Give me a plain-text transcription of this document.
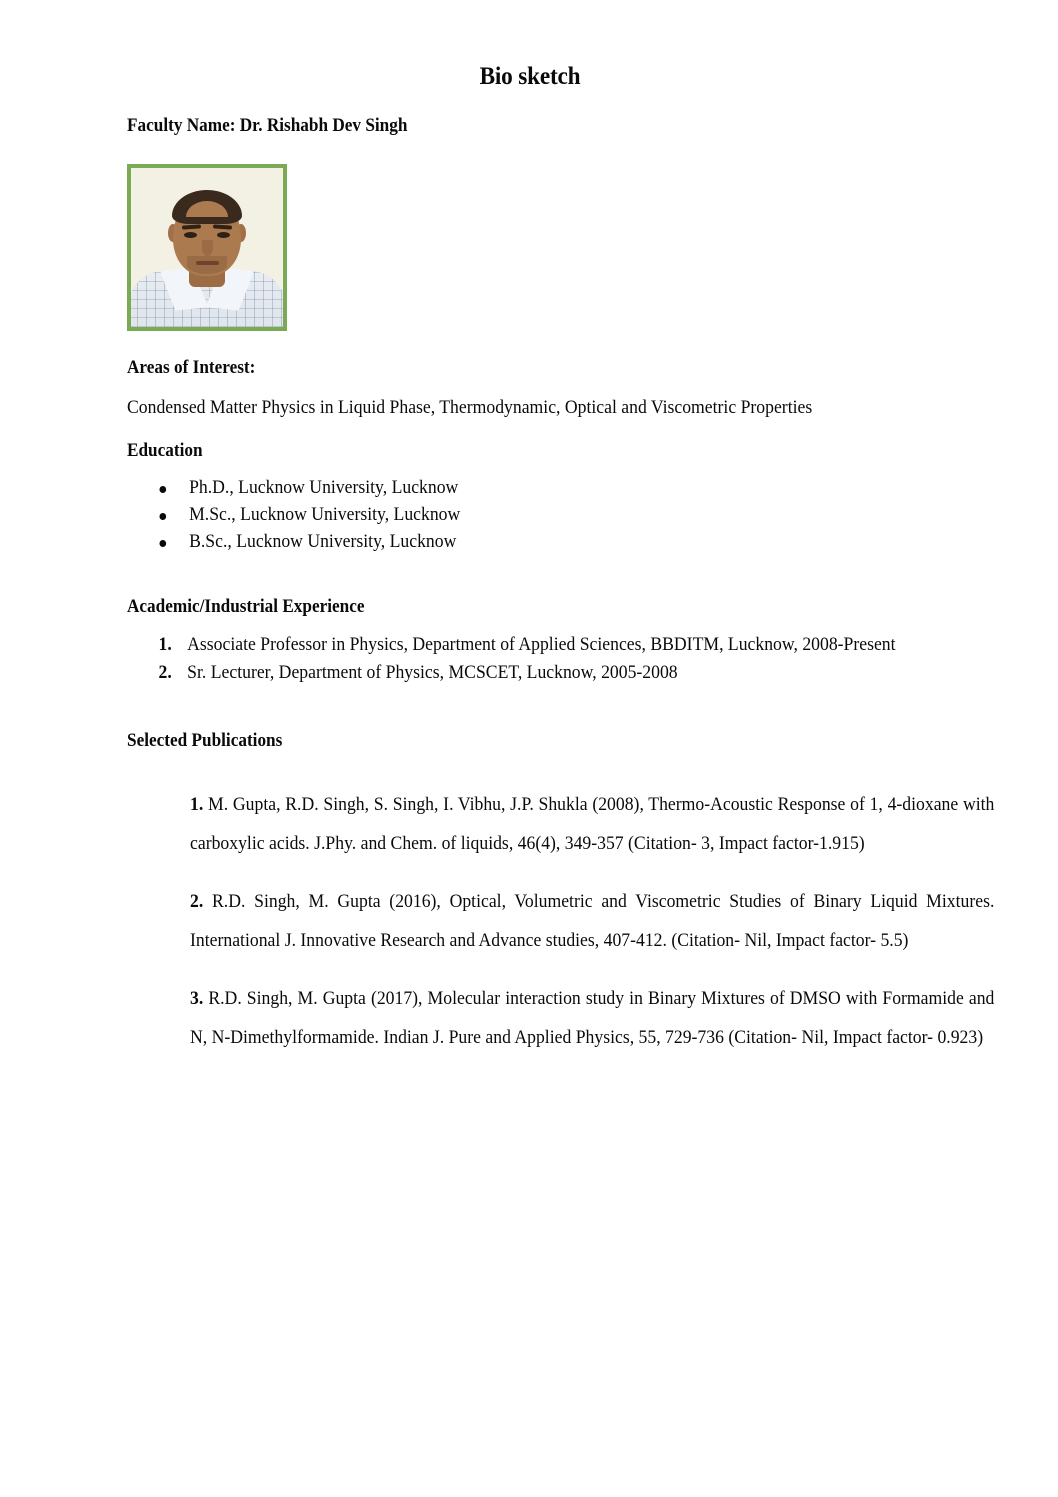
Bio sketch

Faculty Name: Dr. Rishabh Dev Singh

Areas of Interest:

Condensed Matter Physics in Liquid Phase, Thermodynamic, Optical and Viscometric Properties

Education
Ph.D., Lucknow University, Lucknow
M.Sc., Lucknow University, Lucknow
B.Sc., Lucknow University, Lucknow
Academic/Industrial Experience
1. Associate Professor in Physics, Department of Applied Sciences, BBDITM, Lucknow, 2008-Present
2. Sr. Lecturer, Department of Physics, MCSCET, Lucknow, 2005-2008
Selected Publications

1. M. Gupta, R.D. Singh, S. Singh, I. Vibhu, J.P. Shukla (2008), Thermo-Acoustic Response of 1, 4-dioxane with carboxylic acids. J.Phy. and Chem. of liquids, 46(4), 349-357 (Citation- 3, Impact factor-1.915)

2. R.D. Singh, M. Gupta (2016), Optical, Volumetric and Viscometric Studies of Binary Liquid Mixtures. International J. Innovative Research and Advance studies, 407-412. (Citation- Nil, Impact factor- 5.5)

3. R.D. Singh, M. Gupta (2017), Molecular interaction study in Binary Mixtures of DMSO with Formamide and N, N-Dimethylformamide. Indian J. Pure and Applied Physics, 55, 729-736 (Citation- Nil, Impact factor- 0.923)
